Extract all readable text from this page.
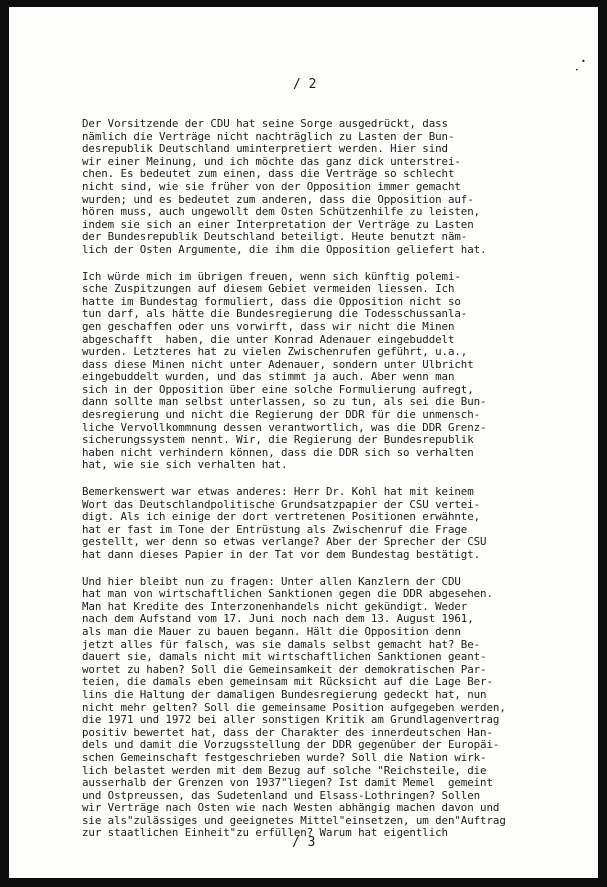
/ 2

Der Vorsitzende der CDU hat seine Sorge ausgedrückt, dass
nämlich die Verträge nicht nachträglich zu Lasten der Bun-
desrepublik Deutschland uminterpretiert werden. Hier sind
wir einer Meinung, und ich möchte das ganz dick unterstrei-
chen. Es bedeutet zum einen, dass die Verträge so schlecht
nicht sind, wie sie früher von der Opposition immer gemacht
wurden; und es bedeutet zum anderen, dass die Opposition auf-
hören muss, auch ungewollt dem Osten Schützenhilfe zu leisten,
indem sie sich an einer Interpretation der Verträge zu Lasten
der Bundesrepublik Deutschland beteiligt. Heute benutzt näm-
lich der Osten Argumente, die ihm die Opposition geliefert hat.

Ich würde mich im übrigen freuen, wenn sich künftig polemi-
sche Zuspitzungen auf diesem Gebiet vermeiden liessen. Ich
hatte im Bundestag formuliert, dass die Opposition nicht so
tun darf, als hätte die Bundesregierung die Todesschussanla-
gen geschaffen oder uns vorwirft, dass wir nicht die Minen
abgeschafft  haben, die unter Konrad Adenauer eingebuddelt
wurden. Letzteres hat zu vielen Zwischenrufen geführt, u.a.,
dass diese Minen nicht unter Adenauer, sondern unter Ulbricht
eingebuddelt wurden, und das stimmt ja auch. Aber wenn man
sich in der Opposition über eine solche Formulierung aufregt,
dann sollte man selbst unterlassen, so zu tun, als sei die Bun-
desregierung und nicht die Regierung der DDR für die unmensch-
liche Vervollkommnung dessen verantwortlich, was die DDR Grenz-
sicherungssystem nennt. Wir, die Regierung der Bundesrepublik
haben nicht verhindern können, dass die DDR sich so verhalten
hat, wie sie sich verhalten hat.

Bemerkenswert war etwas anderes: Herr Dr. Kohl hat mit keinem
Wort das Deutschlandpolitische Grundsatzpapier der CSU vertei-
digt. Als ich einige der dort vertretenen Positionen erwähnte,
hat er fast im Tone der Entrüstung als Zwischenruf die Frage
gestellt, wer denn so etwas verlange? Aber der Sprecher der CSU
hat dann dieses Papier in der Tat vor dem Bundestag bestätigt.

Und hier bleibt nun zu fragen: Unter allen Kanzlern der CDU
hat man von wirtschaftlichen Sanktionen gegen die DDR abgesehen.
Man hat Kredite des Interzonenhandels nicht gekündigt. Weder
nach dem Aufstand vom 17. Juni noch nach dem 13. August 1961,
als man die Mauer zu bauen begann. Hält die Opposition denn
jetzt alles für falsch, was sie damals selbst gemacht hat? Be-
dauert sie, damals nicht mit wirtschaftlichen Sanktionen geant-
wortet zu haben? Soll die Gemeinsamkeit der demokratischen Par-
teien, die damals eben gemeinsam mit Rücksicht auf die Lage Ber-
lins die Haltung der damaligen Bundesregierung gedeckt hat, nun
nicht mehr gelten? Soll die gemeinsame Position aufgegeben werden,
die 1971 und 1972 bei aller sonstigen Kritik am Grundlagenvertrag
positiv bewertet hat, dass der Charakter des innerdeutschen Han-
dels und damit die Vorzugsstellung der DDR gegenüber der Europäi-
schen Gemeinschaft festgeschrieben wurde? Soll die Nation wirk-
lich belastet werden mit dem Bezug auf solche "Reichsteile, die
ausserhalb der Grenzen von 1937"liegen? Ist damit Memel  gemeint
und Ostpreussen, das Sudetenland und Elsass-Lothringen? Sollen
wir Verträge nach Osten wie nach Westen abhängig machen davon und
sie als"zulässiges und geeignetes Mittel"einsetzen, um den"Auftrag
zur staatlichen Einheit"zu erfüllen? Warum hat eigentlich

/ 3

•
•
